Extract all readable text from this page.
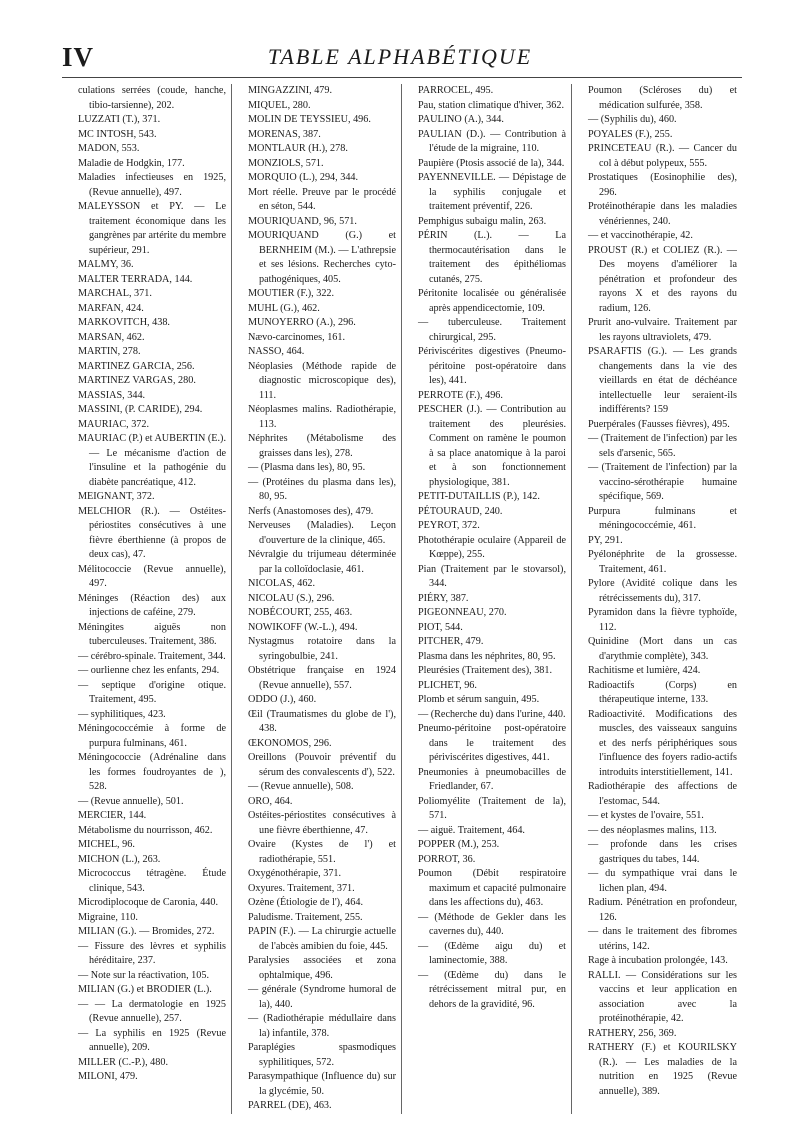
IV	TABLE ALPHABÉTIQUE

culations serrées (coude, hanche, tibio-tarsienne), 202.

LUZZATI (T.), 371.

MC INTOSH, 543.

MADON, 553.

Maladie de Hodgkin, 177.

Maladies infectieuses en 1925, (Revue annuelle), 497.

MALEYSSON et PY. — Le traitement économique dans les gangrènes par artérite du membre supérieur, 291.

MALMY, 36.

MALTER TERRADA, 144.

MARCHAL, 371.

MARFAN, 424.

MARKOVITCH, 438.

MARSAN, 462.

MARTIN, 278.

MARTINEZ GARCIA, 256.

MARTINEZ VARGAS, 280.

MASSIAS, 344.

MASSINI, (P. CARIDE), 294.

MAURIAC, 372.

MAURIAC (P.) et AUBERTIN (E.). — Le mécanisme d'action de l'insuline et la pathogénie du diabète pancréatique, 412.

MEIGNANT, 372.

MELCHIOR (R.). — Ostéites-périostites consécutives à une fièvre éberthienne (à propos de deux cas), 47.

Mélitococcie (Revue annuelle), 497.

Méninges (Réaction des) aux injections de caféine, 279.

Méningites aiguës non tuberculeuses. Traitement, 386.

— cérébro-spinale. Traitement, 344.

— ourlienne chez les enfants, 294.

— septique d'origine otique. Traitement, 495.

— syphilitiques, 423.

Méningococcémie à forme de purpura fulminans, 461.

Méningococcie (Adrénaline dans les formes foudroyantes de ), 528.

— (Revue annuelle), 501.

MERCIER, 144.

Métabolisme du nourrisson, 462.

MICHEL, 96.

MICHON (L.), 263.

Micrococcus tétragène. Étude clinique, 543.

Microdiplocoque de Caronia, 440.

Migraine, 110.

MILIAN (G.). — Bromides, 272.

— Fissure des lèvres et syphilis héréditaire, 237.

— Note sur la réactivation, 105.

MILIAN (G.) et BRODIER (L.).

— — La dermatologie en 1925 (Revue annuelle), 257.

— La syphilis en 1925 (Revue annuelle), 209.

MILLER (C.-P.), 480.

MILONI, 479.

MINGAZZINI, 479.

MIQUEL, 280.

MOLIN DE TEYSSIEU, 496.

MORENAS, 387.

MONTLAUR (H.), 278.

MONZIOLS, 571.

MORQUIO (L.), 294, 344.

Mort réelle. Preuve par le procédé en séton, 544.

MOURIQUAND, 96, 571.

MOURIQUAND (G.) et BERNHEIM (M.). — L'athrepsie et ses lésions. Recherches cyto-pathogéniques, 405.

MOUTIER (F.), 322.

MUHL (G.), 462.

MUNOYERRO (A.), 296.

Nævo-carcinomes, 161.

NASSO, 464.

Néoplasies (Méthode rapide de diagnostic microscopique des), 111.

Néoplasmes malins. Radiothérapie, 113.

Néphrites (Métabolisme des graisses dans les), 278.

— (Plasma dans les), 80, 95.

— (Protéines du plasma dans les), 80, 95.

Nerfs (Anastomoses des), 479.

Nerveuses (Maladies). Leçon d'ouverture de la clinique, 465.

Névralgie du trijumeau déterminée par la colloïdoclasie, 461.

NICOLAS, 462.

NICOLAU (S.), 296.

NOBÉCOURT, 255, 463.

NOWIKOFF (W.-L.), 494.

Nystagmus rotatoire dans la syringobulbie, 241.

Obstétrique française en 1924 (Revue annuelle), 557.

ODDO (J.), 460.

Œil (Traumatismes du globe de l'), 438.

ŒKONOMOS, 296.

Oreillons (Pouvoir préventif du sérum des convalescents d'), 522.

— (Revue annuelle), 508.

ORO, 464.

Ostéites-périostites consécutives à une fièvre éberthienne, 47.

Ovaire (Kystes de l') et radiothérapie, 551.

Oxygénothérapie, 371.

Oxyures. Traitement, 371.

Ozène (Étiologie de l'), 464.

Paludisme. Traitement, 255.

PAPIN (F.). — La chirurgie actuelle de l'abcès amibien du foie, 445.

Paralysies associées et zona ophtalmique, 496.

— générale (Syndrome humoral de la), 440.

— (Radiothérapie médullaire dans la) infantile, 378.

Paraplégies spasmodiques syphilitiques, 572.

Parasympathique (Influence du) sur la glycémie, 50.

PARREL (DE), 463.

PARROCEL, 495.

Pau, station climatique d'hiver, 362.

PAULINO (A.), 344.

PAULIAN (D.). — Contribution à l'étude de la migraine, 110.

Paupière (Ptosis associé de la), 344.

PAYENNEVILLE. — Dépistage de la syphilis conjugale et traitement préventif, 226.

Pemphigus subaigu malin, 263.

PÉRIN (L.). — La thermocautérisation dans le traitement des épithéliomas cutanés, 275.

Péritonite localisée ou généralisée après appendicectomie, 109.

— tuberculeuse. Traitement chirurgical, 295.

Périviscérites digestives (Pneumo-péritoine post-opératoire dans les), 441.

PERROTE (F.), 496.

PESCHER (J.). — Contribution au traitement des pleurésies. Comment on ramène le poumon à sa place anatomique à la paroi et à son fonctionnement physiologique, 381.

PETIT-DUTAILLIS (P.), 142.

PÉTOURAUD, 240.

PEYROT, 372.

Photothérapie oculaire (Appareil de Kœppe), 255.

Pian (Traitement par le stovarsol), 344.

PIÉRY, 387.

PIGEONNEAU, 270.

PIOT, 544.

PITCHER, 479.

Plasma dans les néphrites, 80, 95.

Pleurésies (Traitement des), 381.

PLICHET, 96.

Plomb et sérum sanguin, 495.

— (Recherche du) dans l'urine, 440.

Pneumo-péritoine post-opératoire dans le traitement des périviscérites digestives, 441.

Pneumonies à pneumobacilles de Friedlander, 67.

Poliomyélite (Traitement de la), 571.

— aiguë. Traitement, 464.

POPPER (M.), 253.

PORROT, 36.

Poumon (Débit respiratoire maximum et capacité pulmonaire dans les affections du), 463.

— (Méthode de Gekler dans les cavernes du), 440.

— (Œdème aigu du) et laminectomie, 388.

— (Œdème du) dans le rétrécissement mitral pur, en dehors de la gravidité, 96.

Poumon (Scléroses du) et médication sulfurée, 358.

— (Syphilis du), 460.

POYALES (F.), 255.

PRINCETEAU (R.). — Cancer du col à début polypeux, 555.

Prostatiques (Eosinophilie des), 296.

Protéinothérapie dans les maladies vénériennes, 240.

— et vaccinothérapie, 42.

PROUST (R.) et COLIEZ (R.). — Des moyens d'améliorer la pénétration et profondeur des rayons X et des rayons du radium, 126.

Prurit ano-vulvaire. Traitement par les rayons ultraviolets, 479.

PSARAFTIS (G.). — Les grands changements dans la vie des vieillards en état de déchéance intellectuelle leur seraient-ils indifférents? 159

Puerpérales (Fausses fièvres), 495.

— (Traitement de l'infection) par les sels d'arsenic, 565.

— (Traitement de l'infection) par la vaccino-sérothérapie humaine spécifique, 569.

Purpura fulminans et méningococcémie, 461.

PY, 291.

Pyélonéphrite de la grossesse. Traitement, 461.

Pylore (Avidité colique dans les rétrécissements du), 317.

Pyramidon dans la fièvre typhoïde, 112.

Quinidine (Mort dans un cas d'arythmie complète), 343.

Rachitisme et lumière, 424.

Radioactifs (Corps) en thérapeutique interne, 133.

Radioactivité. Modifications des muscles, des vaisseaux sanguins et des nerfs périphériques sous l'influence des foyers radio-actifs introduits interstitiellement, 141.

Radiothérapie des affections de l'estomac, 544.

— et kystes de l'ovaire, 551.

— des néoplasmes malins, 113.

— profonde dans les crises gastriques du tabes, 144.

— du sympathique vrai dans le lichen plan, 494.

Radium. Pénétration en profondeur, 126.

— dans le traitement des fibromes utérins, 142.

Rage à incubation prolongée, 143.

RALLI. — Considérations sur les vaccins et leur application en association avec la protéinothérapie, 42.

RATHERY, 256, 369.

RATHERY (F.) et KOURILSKY (R.). — Les maladies de la nutrition en 1925 (Revue annuelle), 389.
